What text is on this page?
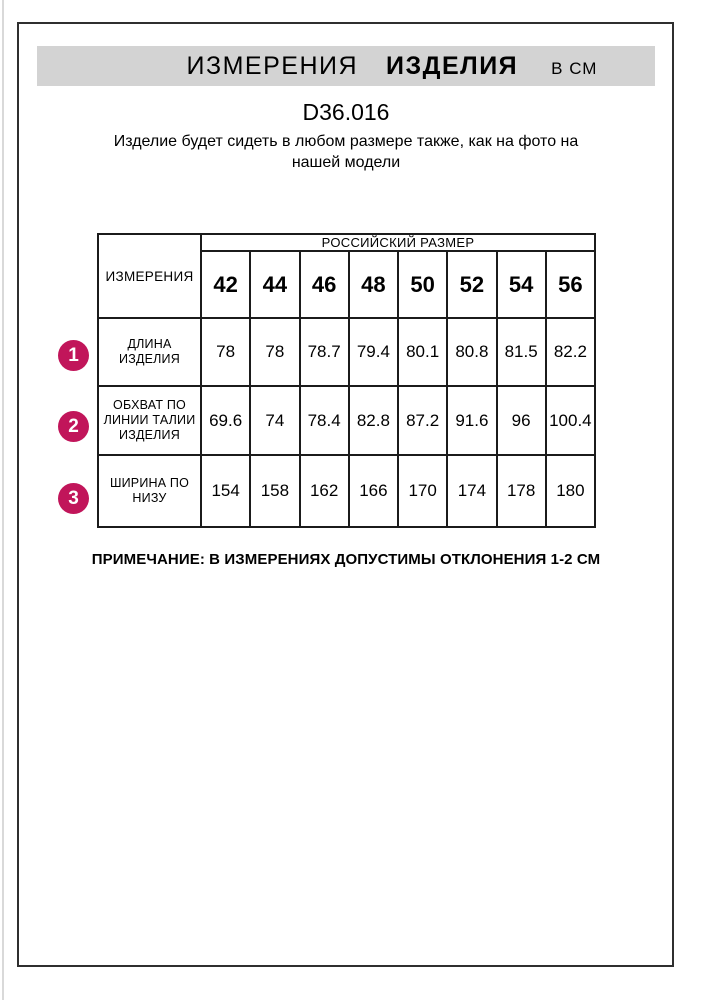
ИЗМЕРЕНИЯ ИЗДЕЛИЯ В СМ
D36.016
Изделие будет сидеть в любом размере также, как на фото на
нашей модели
ИЗМЕРЕНИЯ	РОССИЙСКИЙ РАЗМЕР							
	42	44	46	48	50	52	54	56
ДЛИНА
ИЗДЕЛИЯ	78	78	78.7	79.4	80.1	80.8	81.5	82.2
ОБХВАТ ПО
ЛИНИИ ТАЛИИ
ИЗДЕЛИЯ	69.6	74	78.4	82.8	87.2	91.6	96	100.4
ШИРИНА ПО
НИЗУ	154	158	162	166	170	174	178	180
1
2
3
ПРИМЕЧАНИЕ: В ИЗМЕРЕНИЯХ ДОПУСТИМЫ ОТКЛОНЕНИЯ 1-2 СМ
